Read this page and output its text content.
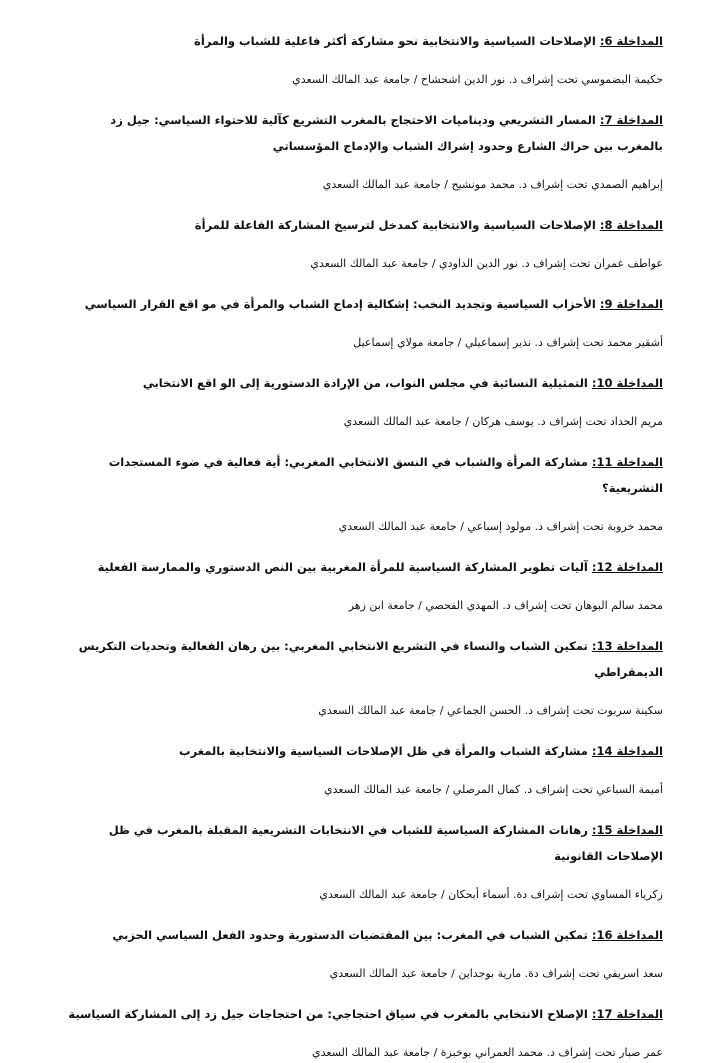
المداخلة 6: الإصلاحات السياسية والانتخابية نحو مشاركة أكثر فاعلية للشباب والمرأة

حكيمة البضموسي تحت إشراف د. نور الدين اشحشاح / جامعة عبد المالك السعدي

المداخلة 7: المسار التشريعي وديناميات الاحتجاج بالمغرب التشريع كآلية للاحتواء السياسي: جيل زد بالمغرب بين حراك الشارع وحدود إشراك الشباب والإدماج المؤسساتي

إبراهيم الصمدي تحت إشراف د. محمد مونشيح / جامعة عبد المالك السعدي

المداخلة 8: الإصلاحات السياسية والانتخابية كمدخل لترسيخ المشاركة الفاعلة للمرأة

عواطف عمران تحت إشراف د. نور الدين الداودي / جامعة عبد المالك السعدي

المداخلة 9: الأحزاب السياسية وتجديد النخب: إشكالية إدماج الشباب والمرأة في مو اقع القرار السياسي

أشقير محمد تحت إشراف د. نذير إسماعيلي / جامعة مولاي إسماعيل

المداخلة 10: التمثيلية النسائية في مجلس النواب، من الإرادة الدستورية إلى الو اقع الانتخابي

مريم الحداد تحت إشراف د. يوسف هركان / جامعة عبد المالك السعدي

المداخلة 11: مشاركة المرأة والشباب في النسق الانتخابي المغربي: أية فعالية في ضوء المستجدات التشريعية؟

محمد خروبة تحت إشراف د. مولود إسباعي / جامعة عبد المالك السعدي

المداخلة 12: آليات تطوير المشاركة السياسية للمرأة المغربية بين النص الدستوري والممارسة الفعلية

محمد سالم البوهان تحت إشراف د. المهدي الفحصي / جامعة ابن زهر

المداخلة 13: تمكين الشباب والنساء في التشريع الانتخابي المغربي: بين رهان الفعالية وتحديات التكريس الديمقراطي

سكينة سربوت تحت إشراف د. الحسن الجماعي / جامعة عبد المالك السعدي

المداخلة 14: مشاركة الشباب والمرأة في ظل الإصلاحات السياسية والانتخابية بالمغرب

أميمة السباعي تحت إشراف د. كمال المرصلي / جامعة عبد المالك السعدي

المداخلة 15: رهانات المشاركة السياسية للشباب في الانتخابات التشريعية المقبلة بالمغرب في ظل الإصلاحات القانونية

زكرياء المساوي تحت إشراف دة. أسماء أبحكان / جامعة عبد المالك السعدي

المداخلة 16: تمكين الشباب في المغرب: بين المقتضيات الدستورية وحدود الفعل السياسي الحزبي

سعد اسريفي تحت إشراف دة. مارية بوجداين / جامعة عبد المالك السعدي

المداخلة 17: الإصلاح الانتخابي بالمغرب في سياق احتجاجي: من احتجاجات جيل زد إلى المشاركة السياسية

عمر صبار تحت إشراف د. محمد العمراني بوخبزة / جامعة عبد المالك السعدي
